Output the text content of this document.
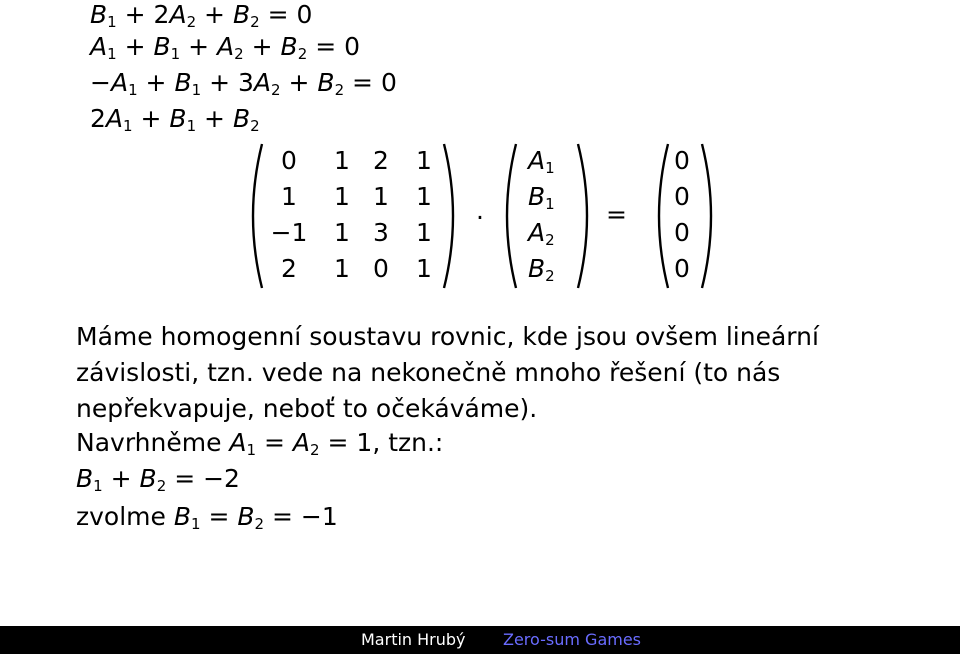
$B_1 + 2A_2 + B_2 = 0$
$A_1 + B_1 + A_2 + B_2 = 0$
$-A_1 + B_1 + 3A_2 + B_2 = 0$
$2A_1 + B_1 + B_2$
0	1 2	1
1	1 1	1
−1	1 3	1
2	1 0	1
.
$A_1$
$B_1$
$A_2$
$B_2$
=
0
0
0
0
Máme homogenní soustavu rovnic, kde jsou ovšem lineární
závislosti, tzn. vede na nekonečně mnoho řešení (to nás
nepřekvapuje, neboť to očekáváme).
Navrhněme $A_1 = A_2 = 1$, tzn.:
$B_1 + B_2 = -2$
zvolme $B_1 = B_2 = -1$
Martin Hrubý Zero-sum Games
